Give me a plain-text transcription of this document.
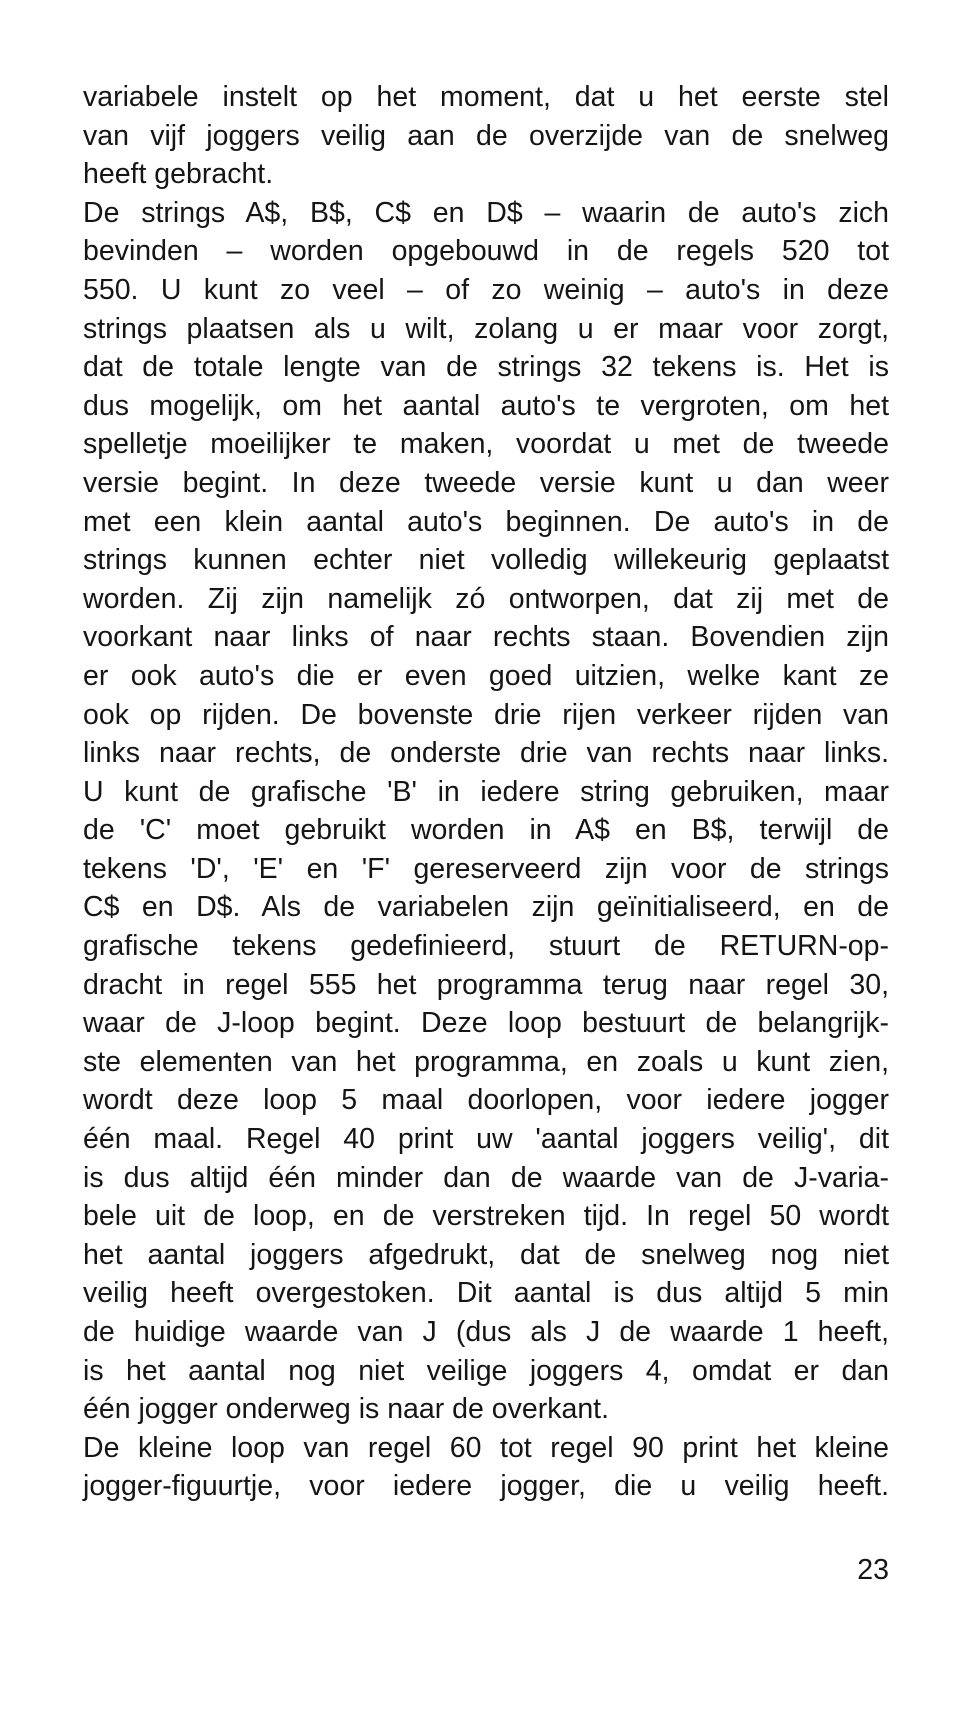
variabele instelt op het moment, dat u het eerste stel
van vijf joggers veilig aan de overzijde van de snelweg
heeft gebracht.
De strings A$, B$, C$ en D$ – waarin de auto's zich
bevinden – worden opgebouwd in de regels 520 tot
550. U kunt zo veel – of zo weinig – auto's in deze
strings plaatsen als u wilt, zolang u er maar voor zorgt,
dat de totale lengte van de strings 32 tekens is. Het is
dus mogelijk, om het aantal auto's te vergroten, om het
spelletje moeilijker te maken, voordat u met de tweede
versie begint. In deze tweede versie kunt u dan weer
met een klein aantal auto's beginnen. De auto's in de
strings kunnen echter niet volledig willekeurig geplaatst
worden. Zij zijn namelijk zó ontworpen, dat zij met de
voorkant naar links of naar rechts staan. Bovendien zijn
er ook auto's die er even goed uitzien, welke kant ze
ook op rijden. De bovenste drie rijen verkeer rijden van
links naar rechts, de onderste drie van rechts naar links.
U kunt de grafische 'B' in iedere string gebruiken, maar
de 'C' moet gebruikt worden in A$ en B$, terwijl de
tekens 'D', 'E' en 'F' gereserveerd zijn voor de strings
C$ en D$. Als de variabelen zijn geïnitialiseerd, en de
grafische tekens gedefinieerd, stuurt de RETURN-op-
dracht in regel 555 het programma terug naar regel 30,
waar de J-loop begint. Deze loop bestuurt de belangrijk-
ste elementen van het programma, en zoals u kunt zien,
wordt deze loop 5 maal doorlopen, voor iedere jogger
één maal. Regel 40 print uw 'aantal joggers veilig', dit
is dus altijd één minder dan de waarde van de J-varia-
bele uit de loop, en de verstreken tijd. In regel 50 wordt
het aantal joggers afgedrukt, dat de snelweg nog niet
veilig heeft overgestoken. Dit aantal is dus altijd 5 min
de huidige waarde van J (dus als J de waarde 1 heeft,
is het aantal nog niet veilige joggers 4, omdat er dan
één jogger onderweg is naar de overkant.
De kleine loop van regel 60 tot regel 90 print het kleine
jogger-figuurtje, voor iedere jogger, die u veilig heeft.
23
